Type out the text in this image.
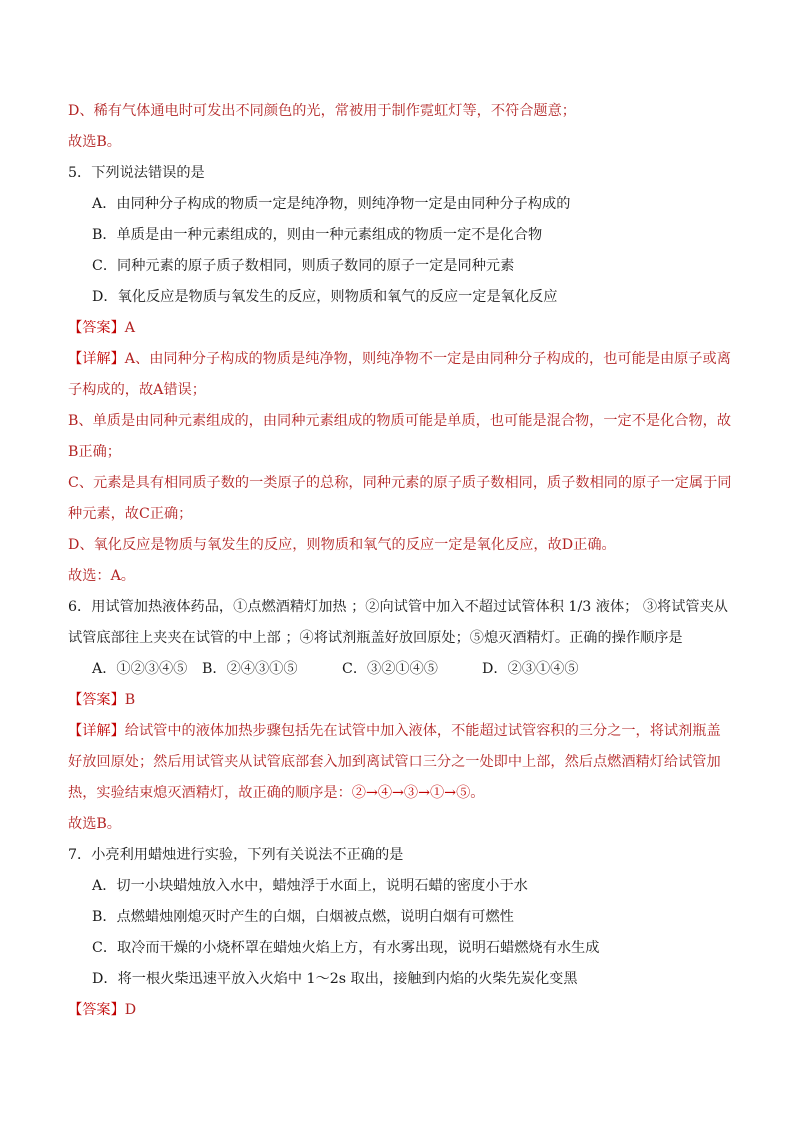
D、稀有气体通电时可发出不同颜色的光，常被用于制作霓虹灯等，不符合题意；
故选B。
5．下列说法错误的是
A．由同种分子构成的物质一定是纯净物，则纯净物一定是由同种分子构成的
B．单质是由一种元素组成的，则由一种元素组成的物质一定不是化合物
C．同种元素的原子质子数相同，则质子数同的原子一定是同种元素
D．氧化反应是物质与氧发生的反应，则物质和氧气的反应一定是氧化反应
【答案】A
【详解】A、由同种分子构成的物质是纯净物，则纯净物不一定是由同种分子构成的，也可能是由原子或离
子构成的，故A错误；
B、单质是由同种元素组成的，由同种元素组成的物质可能是单质，也可能是混合物，一定不是化合物，故
B正确；
C、元素是具有相同质子数的一类原子的总称，同种元素的原子质子数相同，质子数相同的原子一定属于同
种元素，故C正确；
D、氧化反应是物质与氧发生的反应，则物质和氧气的反应一定是氧化反应，故D正确。
故选：A。
6．用试管加热液体药品，①点燃酒精灯加热 ；②向试管中加入不超过试管体积 1/3 液体； ③将试管夹从
试管底部往上夹夹在试管的中上部 ；④将试剂瓶盖好放回原处；⑤熄灭酒精灯。正确的操作顺序是
A．①②③④⑤ B．②④③①⑤	C．③②①④⑤	D．②③①④⑤
【答案】B
【详解】给试管中的液体加热步骤包括先在试管中加入液体，不能超过试管容积的三分之一，将试剂瓶盖
好放回原处；然后用试管夹从试管底部套入加到离试管口三分之一处即中上部，然后点燃酒精灯给试管加
热，实验结束熄灭酒精灯，故正确的顺序是：②→④→③→①→⑤。
故选B。
7．小亮利用蜡烛进行实验，下列有关说法不正确的是
A．切一小块蜡烛放入水中，蜡烛浮于水面上，说明石蜡的密度小于水
B．点燃蜡烛刚熄灭时产生的白烟，白烟被点燃，说明白烟有可燃性
C．取冷而干燥的小烧杯罩在蜡烛火焰上方，有水雾出现，说明石蜡燃烧有水生成
D．将一根火柴迅速平放入火焰中 1～2s 取出，接触到内焰的火柴先炭化变黑
【答案】D
